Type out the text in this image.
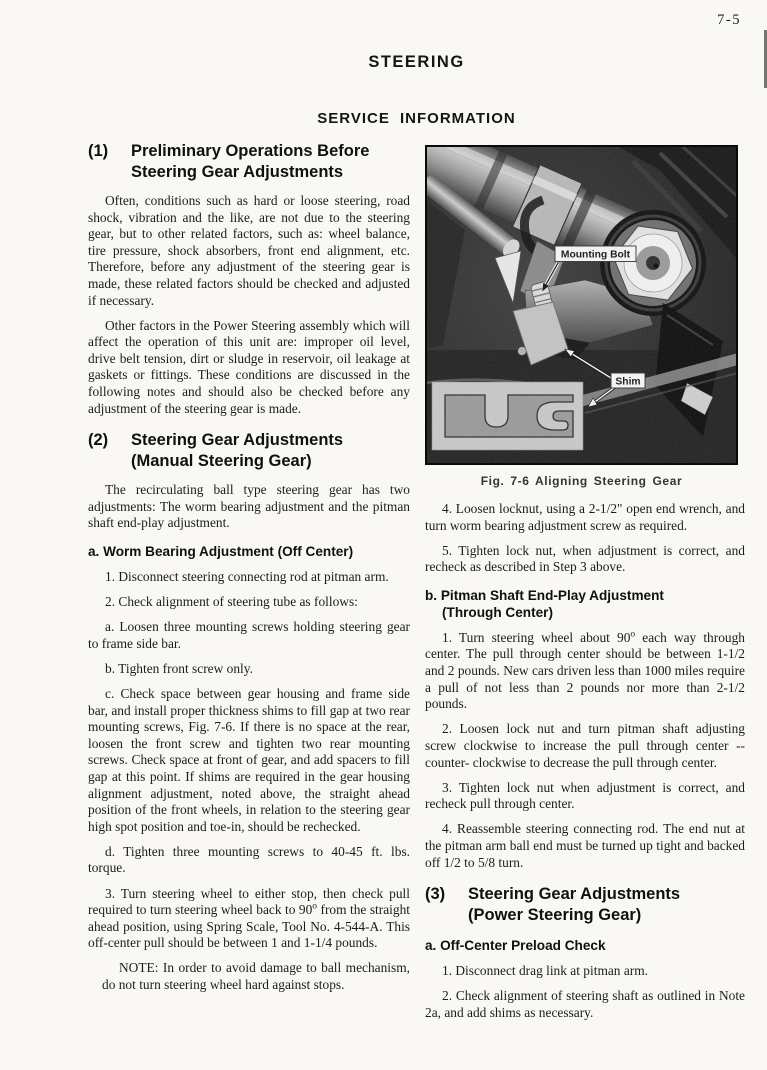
7-5
STEERING
SERVICE INFORMATION
(1)	Preliminary Operations Before
Steering Gear Adjustments

Often, conditions such as hard or loose steering, road shock, vibration and the like, are not due to the steering gear, but to other related factors, such as: wheel balance, tire pressure, shock absorbers, front end alignment, etc. Therefore, before any adjustment of the steering gear is made, these related factors should be checked and adjusted if necessary.

Other factors in the Power Steering assembly which will affect the operation of this unit are: improper oil level, drive belt tension, dirt or sludge in reservoir, oil leakage at gaskets or fittings. These conditions are discussed in the following notes and should also be checked before any adjustment of the steering gear is made.

(2)	Steering Gear Adjustments
(Manual Steering Gear)

The recirculating ball type steering gear has two adjustments: The worm bearing adjustment and the pitman shaft end-play adjustment.

a. Worm Bearing Adjustment (Off Center)

1. Disconnect steering connecting rod at pitman arm.

2. Check alignment of steering tube as follows:

a. Loosen three mounting screws holding steering gear to frame side bar.

b. Tighten front screw only.

c. Check space between gear housing and frame side bar, and install proper thickness shims to fill gap at two rear mounting screws, Fig. 7-6. If there is no space at the rear, loosen the front screw and tighten two rear mounting screws. Check space at front of gear, and add spacers to fill gap at this point. If shims are required in the gear housing alignment adjustment, noted above, the straight ahead position of the front wheels, in relation to the steering gear high spot position and toe-in, should be rechecked.

d. Tighten three mounting screws to 40-45 ft. lbs. torque.

3. Turn steering wheel to either stop, then check pull required to turn steering wheel back to 90$^o$ from the straight ahead position, using Spring Scale, Tool No. 4-544-A. This off-center pull should be between 1 and 1-1/4 pounds.

NOTE: In order to avoid damage to ball mechanism, do not turn steering wheel hard against stops.

Mounting Bolt
Shim
Fig. 7-6 Aligning Steering Gear

4. Loosen locknut, using a 2-1/2" open end wrench, and turn worm bearing adjustment screw as required.

5. Tighten lock nut, when adjustment is correct, and recheck as described in Step 3 above.

b. Pitman Shaft End-Play Adjustment
(Through Center)

1. Turn steering wheel about 90$^o$ each way through center. The pull through center should be between 1-1/2 and 2 pounds. New cars driven less than 1000 miles require a pull of not less than 2 pounds nor more than 2-1/2 pounds.

2. Loosen lock nut and turn pitman shaft adjusting screw clockwise to increase the pull through center -- counter- clockwise to decrease the pull through center.

3. Tighten lock nut when adjustment is correct, and recheck pull through center.

4. Reassemble steering connecting rod. The end nut at the pitman arm ball end must be turned up tight and backed off 1/2 to 5/8 turn.

(3)	Steering Gear Adjustments
(Power Steering Gear)
a. Off-Center Preload Check

1. Disconnect drag link at pitman arm.

2. Check alignment of steering shaft as outlined in Note 2a, and add shims as necessary.
